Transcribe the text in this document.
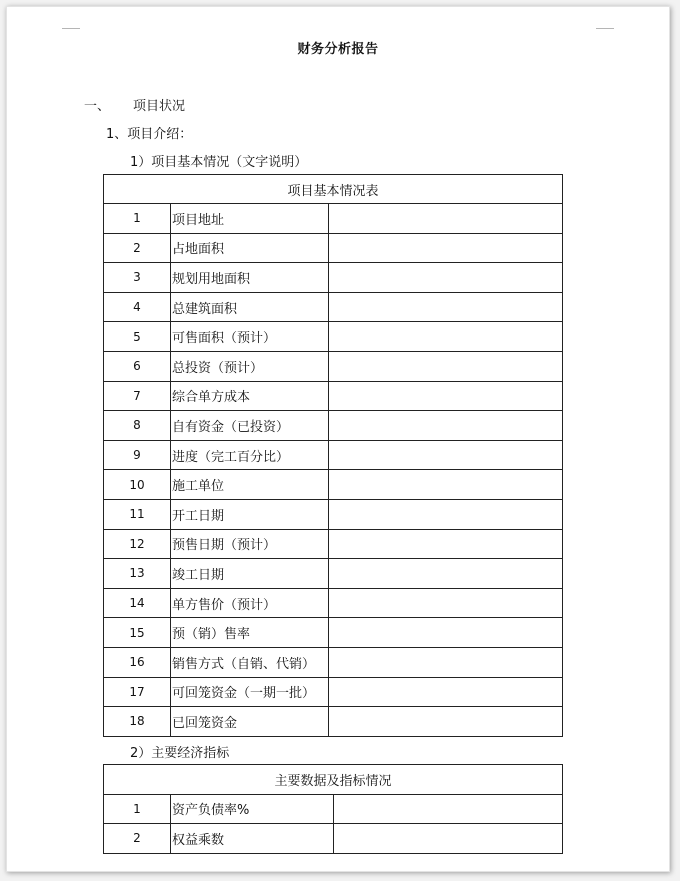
财务分析报告
一、 项目状况
1、项目介绍：
1）项目基本情况（文字说明）
项目基本情况表		
1	项目地址	
2	占地面积	
3	规划用地面积	
4	总建筑面积	
5	可售面积（预计）	
6	总投资（预计）	
7	综合单方成本	
8	自有资金（已投资）	
9	进度（完工百分比）	
10	施工单位	
11	开工日期	
12	预售日期（预计）	
13	竣工日期	
14	单方售价（预计）	
15	预（销）售率	
16	销售方式（自销、代销）	
17	可回笼资金（一期一批）	
18	已回笼资金	
2）主要经济指标
主要数据及指标情况		
1	资产负债率%	
2	权益乘数	
